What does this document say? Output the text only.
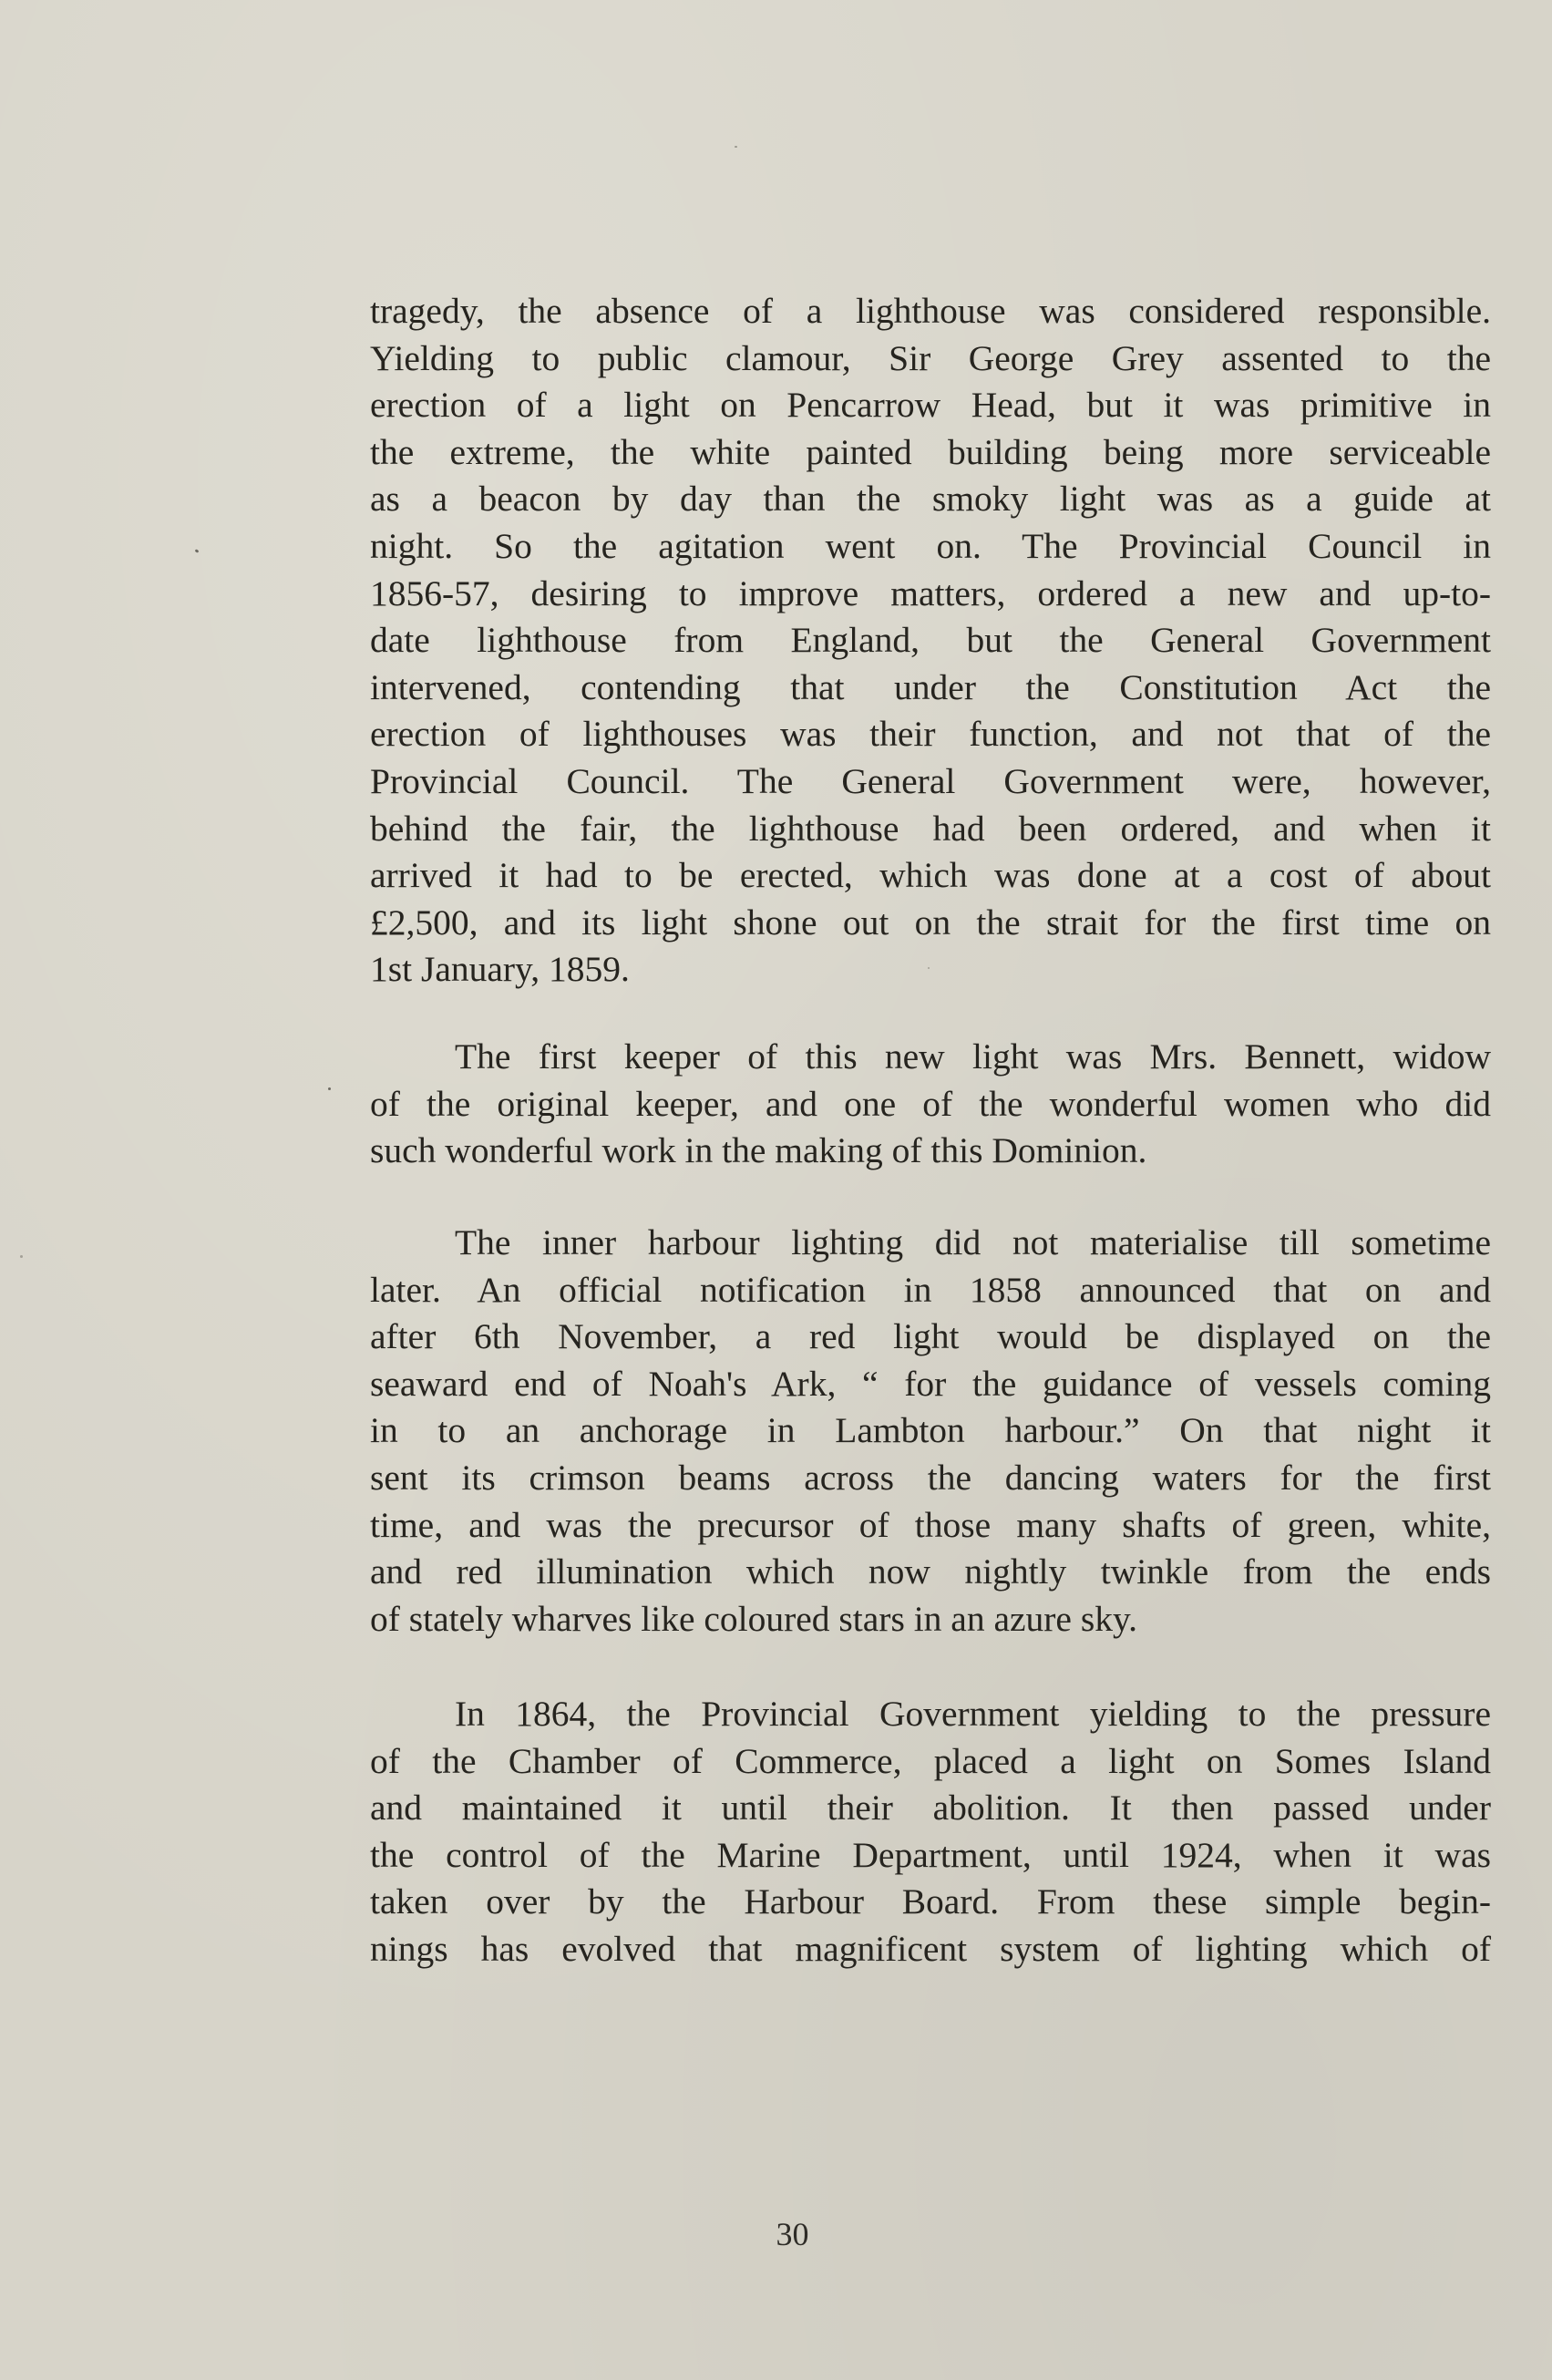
tragedy, the absence of a lighthouse was considered responsible.
Yielding to public clamour, Sir George Grey assented to the
erection of a light on Pencarrow Head, but it was primitive in
the extreme, the white painted building being more serviceable
as a beacon by day than the smoky light was as a guide at
night. So the agitation went on. The Provincial Council in
1856-57, desiring to improve matters, ordered a new and up-to-
date lighthouse from England, but the General Government
intervened, contending that under the Constitution Act the
erection of lighthouses was their function, and not that of the
Provincial Council. The General Government were, however,
behind the fair, the lighthouse had been ordered, and when it
arrived it had to be erected, which was done at a cost of about
£2,500, and its light shone out on the strait for the first time on
1st January, 1859.
The first keeper of this new light was Mrs. Bennett, widow
of the original keeper, and one of the wonderful women who did
such wonderful work in the making of this Dominion.
The inner harbour lighting did not materialise till sometime
later. An official notification in 1858 announced that on and
after 6th November, a red light would be displayed on the
seaward end of Noah's Ark, “ for the guidance of vessels coming
in to an anchorage in Lambton harbour.” On that night it
sent its crimson beams across the dancing waters for the first
time, and was the precursor of those many shafts of green, white,
and red illumination which now nightly twinkle from the ends
of stately wharves like coloured stars in an azure sky.
In 1864, the Provincial Government yielding to the pressure
of the Chamber of Commerce, placed a light on Somes Island
and maintained it until their abolition. It then passed under
the control of the Marine Department, until 1924, when it was
taken over by the Harbour Board. From these simple begin-
nings has evolved that magnificent system of lighting which of
30
